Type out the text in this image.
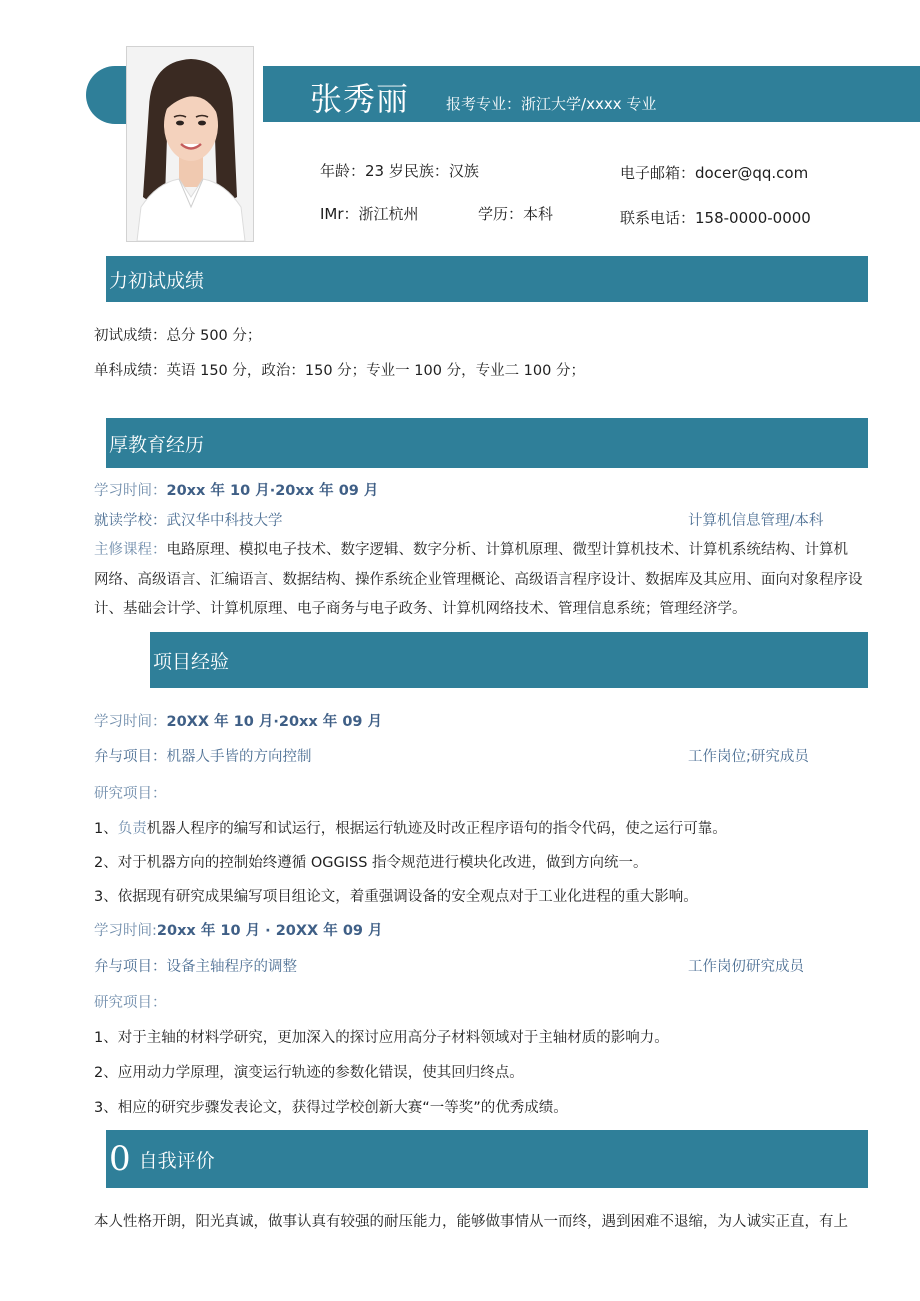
张秀丽 报考专业：浙江大学/xxxx 专业
年龄：23 岁民族：汉族	电子邮箱：docer@qq.com
IMr：浙江杭州	学历：本科	联系电话：158-0000-0000
力初试成绩
初试成绩：总分 500 分；
单科成绩：英语 150 分，政治：150 分；专业一 100 分，专业二 100 分；
厚教育经历
学习时间：20xx 年 10 月·20xx 年 09 月
就读学校：武汉华中科技大学	计算机信息管理/本科
主修课程：电路原理、模拟电子技术、数字逻辑、数字分析、计算机原理、微型计算机技术、计算机系统结构、计算机
网络、高级语言、汇编语言、数据结构、操作系统企业管理概论、高级语言程序设计、数据库及其应用、面向对象程序设
计、基础会计学、计算机原理、电子商务与电子政务、计算机网络技术、管理信息系统；管理经济学。
项目经验
学习时间：20XX 年 10 月·20xx 年 09 月
弁与项目：机器人手皆的方向控制	工作岗位;研究成员
研究项目：
1、负责机器人程序的编写和试运行，根据运行轨迹及时改正程序语句的指令代码，使之运行可靠。
2、对于机器方向的控制始终遵循 OGGISS 指令规范进行模块化改进，做到方向统一。
3、依据现有研究成果编写项目组论文，着重强调设备的安全观点对于工业化进程的重大影响。
学习时间:20xx 年 10 月 · 20XX 年 09 月
弁与项目：设备主轴程序的调整	工作岗仞研究成员
研究项目：
1、对于主轴的材料学研究，更加深入的探讨应用高分子材料领域对于主轴材质的影响力。
2、应用动力学原理，演变运行轨迹的参数化错误，使其回归终点。
3、相应的研究步骤发表论文，获得过学校创新大赛“一等奖”的优秀成绩。
0 自我评价
本人性格开朗，阳光真诚，做事认真有较强的耐压能力，能够做事情从一而终，遇到困难不退缩，为人诚实正直，有上
